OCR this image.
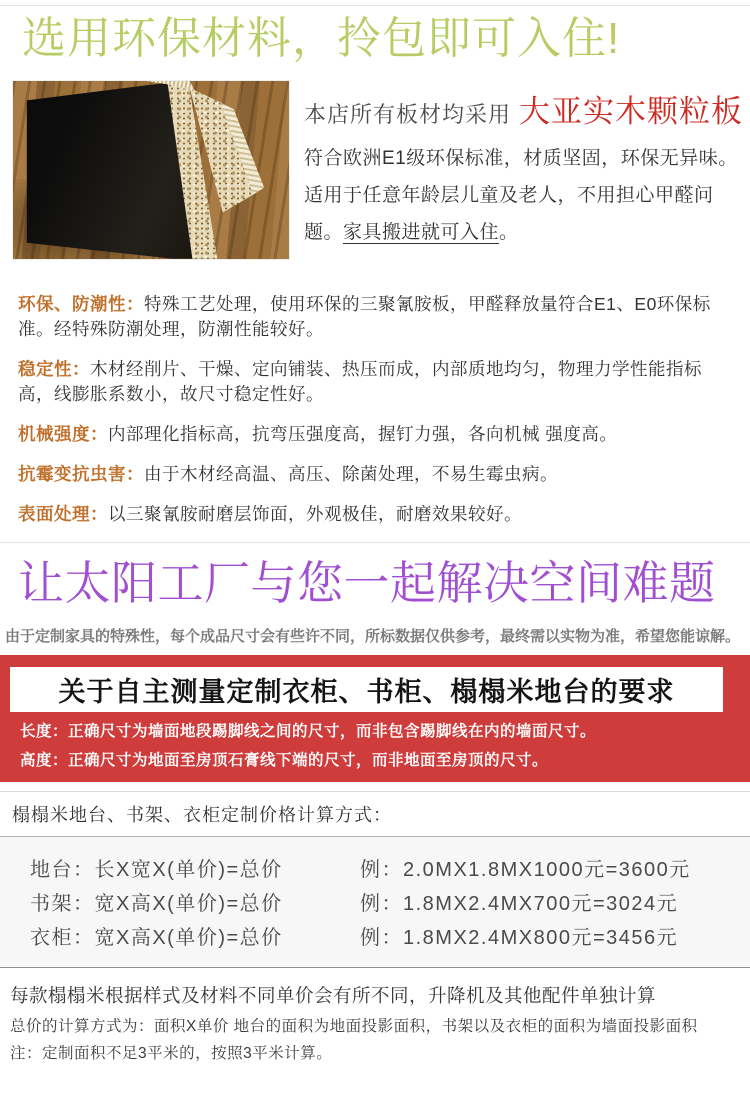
选用环保材料，拎包即可入住!
本店所有板材均采用 大亚实木颗粒板

符合欧洲E1级环保标准，材质坚固，环保无异味。适用于任意年龄层儿童及老人，不用担心甲醛问题。家具搬进就可入住。

环保、防潮性：特殊工艺处理，使用环保的三聚氰胺板，甲醛释放量符合E1、E0环保标准。经特殊防潮处理，防潮性能较好。

稳定性：木材经削片、干燥、定向铺装、热压而成，内部质地均匀，物理力学性能指标高，线膨胀系数小，故尺寸稳定性好。

机械强度：内部理化指标高，抗弯压强度高，握钉力强，各向机械 强度高。

抗霉变抗虫害：由于木材经高温、高压、除菌处理，不易生霉虫病。

表面处理：以三聚氰胺耐磨层饰面，外观极佳，耐磨效果较好。

让太阳工厂与您一起解决空间难题
由于定制家具的特殊性，每个成品尺寸会有些许不同，所标数据仅供参考，最终需以实物为准，希望您能谅解。
关于自主测量定制衣柜、书柜、榻榻米地台的要求
长度：正确尺寸为墙面地段踢脚线之间的尺寸，而非包含踢脚线在内的墙面尺寸。
高度：正确尺寸为地面至房顶石膏线下端的尺寸，而非地面至房顶的尺寸。
榻榻米地台、书架、衣柜定制价格计算方式：
地台：长X宽X(单价)=总价	例：2.0MX1.8MX1000元=3600元
书架：宽X高X(单价)=总价	例：1.8MX2.4MX700元=3024元
衣柜：宽X高X(单价)=总价	例：1.8MX2.4MX800元=3456元
每款榻榻米根据样式及材料不同单价会有所不同，升降机及其他配件单独计算
总价的计算方式为：面积X单价 地台的面积为地面投影面积，书架以及衣柜的面积为墙面投影面积
注：定制面积不足3平米的，按照3平米计算。
